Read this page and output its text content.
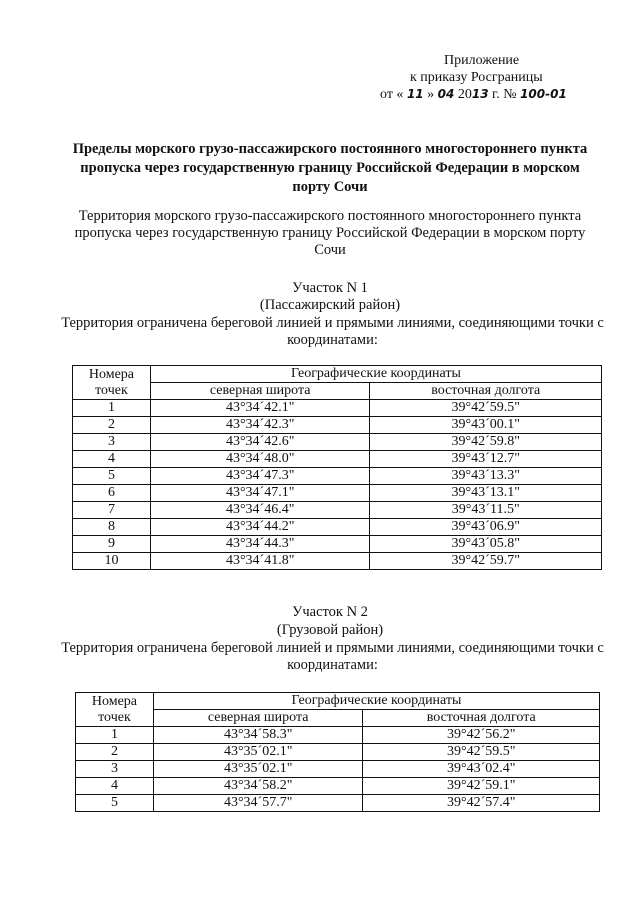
Приложение
к приказу Росграницы
от « 11 » 04 2013 г. № 100-01
Пределы морского грузо-пассажирского постоянного многостороннего пункта пропуска через государственную границу Российской Федерации в морском порту Сочи
Территория морского грузо-пассажирского постоянного многостороннего пункта пропуска через государственную границу Российской Федерации в морском порту Сочи
Участок N 1
(Пассажирский район)
Территория ограничена береговой линией и прямыми линиями, соединяющими точки с координатами:
Номера точек	Географические координаты	
	северная широта	восточная долгота
1	43°34´42.1"	39°42´59.5"
2	43°34´42.3"	39°43´00.1"
3	43°34´42.6"	39°42´59.8"
4	43°34´48.0"	39°43´12.7"
5	43°34´47.3"	39°43´13.3"
6	43°34´47.1"	39°43´13.1"
7	43°34´46.4"	39°43´11.5"
8	43°34´44.2"	39°43´06.9"
9	43°34´44.3"	39°43´05.8"
10	43°34´41.8"	39°42´59.7"
Участок N 2
(Грузовой район)
Территория ограничена береговой линией и прямыми линиями, соединяющими точки с координатами:
Номера точек	Географические координаты	
	северная широта	восточная долгота
1	43°34´58.3"	39°42´56.2"
2	43°35´02.1"	39°42´59.5"
3	43°35´02.1"	39°43´02.4"
4	43°34´58.2"	39°42´59.1"
5	43°34´57.7"	39°42´57.4"
